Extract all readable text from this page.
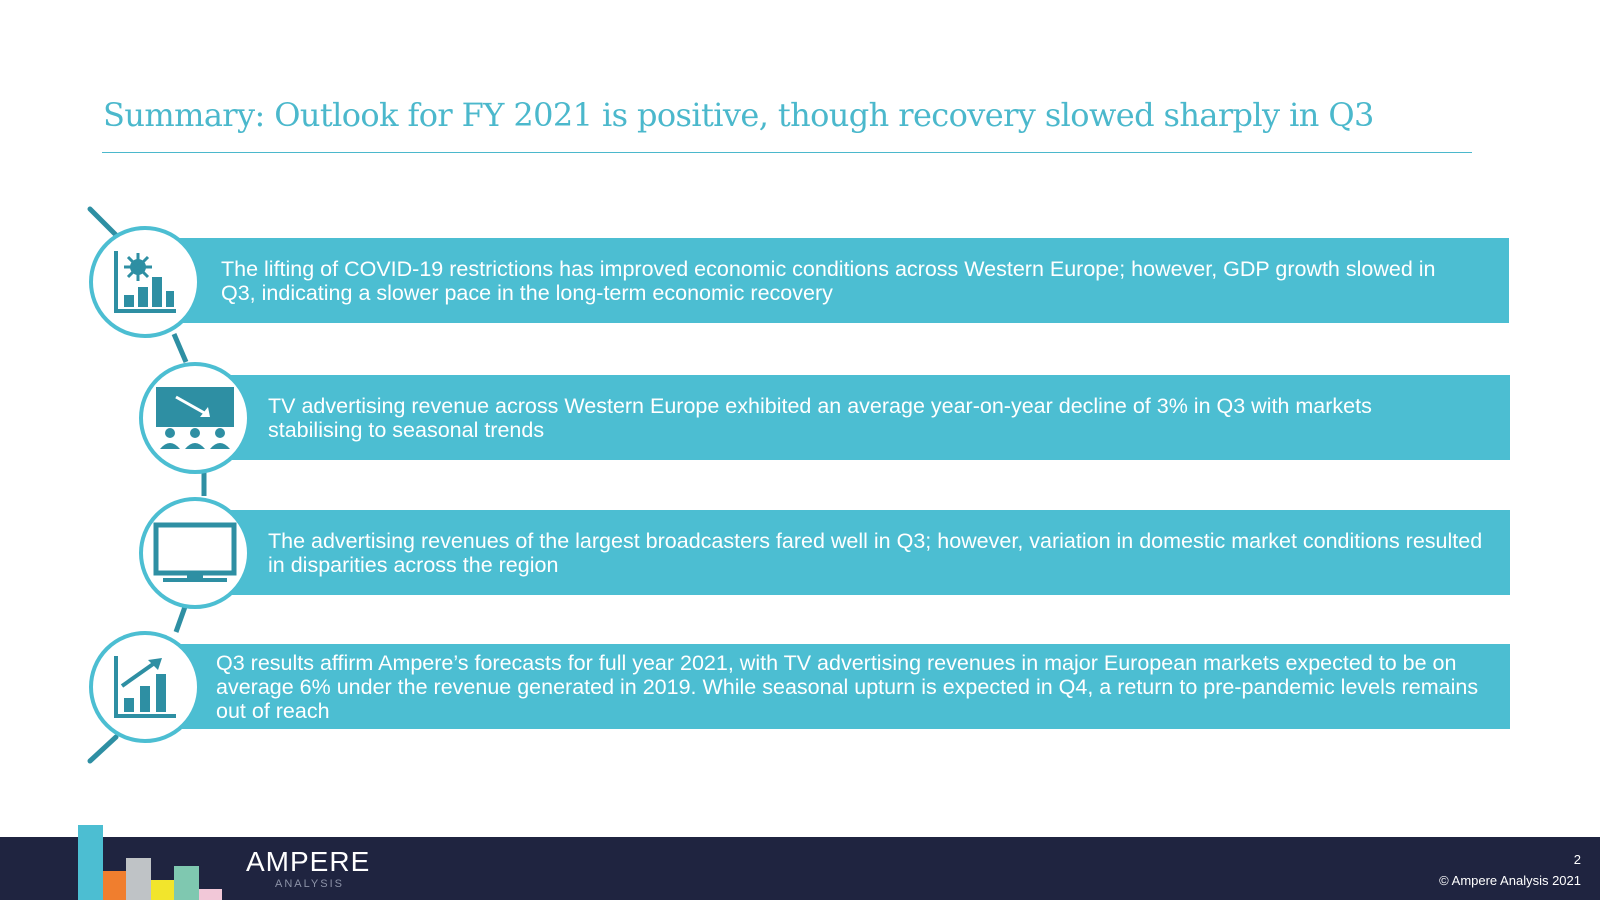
Summary: Outlook for FY 2021 is positive, though recovery slowed sharply in Q3
The lifting of COVID-19 restrictions has improved economic conditions across Western Europe; however, GDP growth slowed in Q3, indicating a slower pace in the long-term economic recovery
TV advertising revenue across Western Europe exhibited an average year-on-year decline of 3% in Q3 with markets stabilising to seasonal trends
The advertising revenues of the largest broadcasters fared well in Q3; however, variation in domestic market conditions resulted in disparities across the region
Q3 results affirm Ampere’s forecasts for full year 2021, with TV advertising revenues in major European markets expected to be on average 6% under the revenue generated in 2019. While seasonal upturn is expected in Q4, a return to pre-pandemic levels remains out of reach
AMPERE
ANALYSIS
2
© Ampere Analysis 2021
